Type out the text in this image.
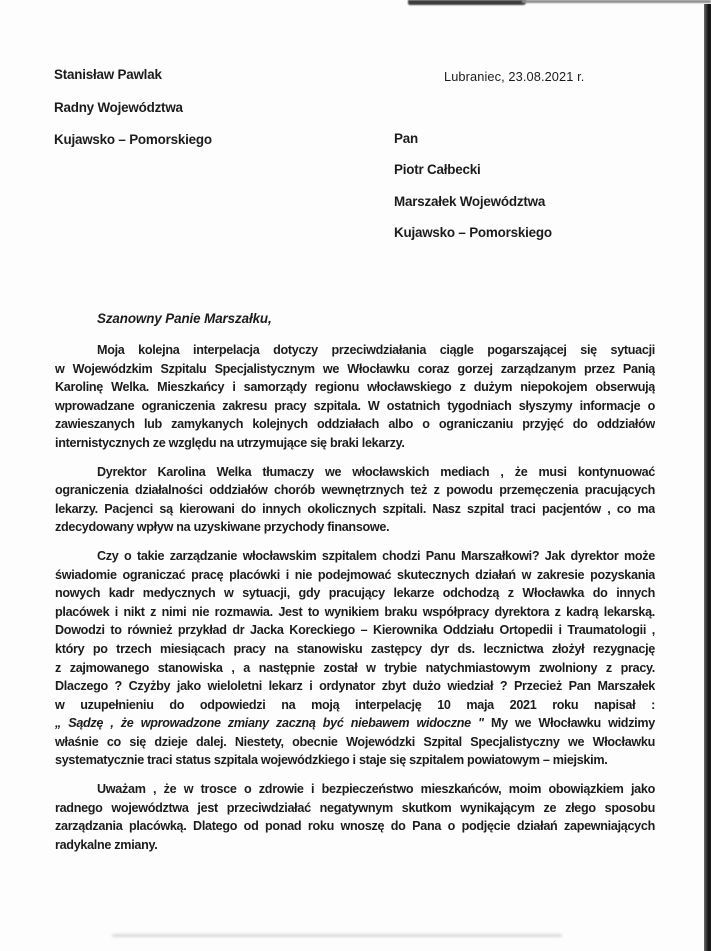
Stanisław Pawlak
Radny Województwa
Kujawsko – Pomorskiego
Lubraniec, 23.08.2021 r.
Pan
Piotr Całbecki
Marszałek Województwa
Kujawsko – Pomorskiego
Szanowny Panie Marszałku,
Moja kolejna interpelacja dotyczy przeciwdziałania ciągle pogarszającej się sytuacji
w Wojewódzkim Szpitalu Specjalistycznym we Włocławku coraz gorzej zarządzanym przez Panią
Karolinę Welka. Mieszkańcy i samorządy regionu włocławskiego z dużym niepokojem obserwują
wprowadzane ograniczenia zakresu pracy szpitala. W ostatnich tygodniach słyszymy informacje o
zawieszanych lub zamykanych kolejnych oddziałach albo o ograniczaniu przyjęć do oddziałów
internistycznych ze względu na utrzymujące się braki lekarzy.
Dyrektor Karolina Welka tłumaczy we włocławskich mediach , że musi kontynuować
ograniczenia działalności oddziałów chorób wewnętrznych też z powodu przemęczenia pracujących
lekarzy. Pacjenci są kierowani do innych okolicznych szpitali. Nasz szpital traci pacjentów , co ma
zdecydowany wpływ na uzyskiwane przychody finansowe.
Czy o takie zarządzanie włocławskim szpitalem chodzi Panu Marszałkowi? Jak dyrektor może
świadomie ograniczać pracę placówki i nie podejmować skutecznych działań w zakresie pozyskania
nowych kadr medycznych w sytuacji, gdy pracujący lekarze odchodzą z Włocławka do innych
placówek i nikt z nimi nie rozmawia. Jest to wynikiem braku współpracy dyrektora z kadrą lekarską.
Dowodzi to również przykład dr Jacka Koreckiego – Kierownika Oddziału Ortopedii i Traumatologii ,
który po trzech miesiącach pracy na stanowisku zastępcy dyr ds. lecznictwa złożył rezygnację
z zajmowanego stanowiska , a następnie został w trybie natychmiastowym zwolniony z pracy.
Dlaczego ? Czyżby jako wieloletni lekarz i ordynator zbyt dużo wiedział ? Przecież Pan Marszałek
w uzupełnieniu do odpowiedzi na moją interpelację 10 maja 2021 roku napisał :
„ Sądzę , że wprowadzone zmiany zaczną być niebawem widoczne " My we Włocławku widzimy
właśnie co się dzieje dalej. Niestety, obecnie Wojewódzki Szpital Specjalistyczny we Włocławku
systematycznie traci status szpitala wojewódzkiego i staje się szpitalem powiatowym – miejskim.
Uważam , że w trosce o zdrowie i bezpieczeństwo mieszkańców, moim obowiązkiem jako
radnego województwa jest przeciwdziałać negatywnym skutkom wynikającym ze złego sposobu
zarządzania placówką. Dlatego od ponad roku wnoszę do Pana o podjęcie działań zapewniających
radykalne zmiany.
